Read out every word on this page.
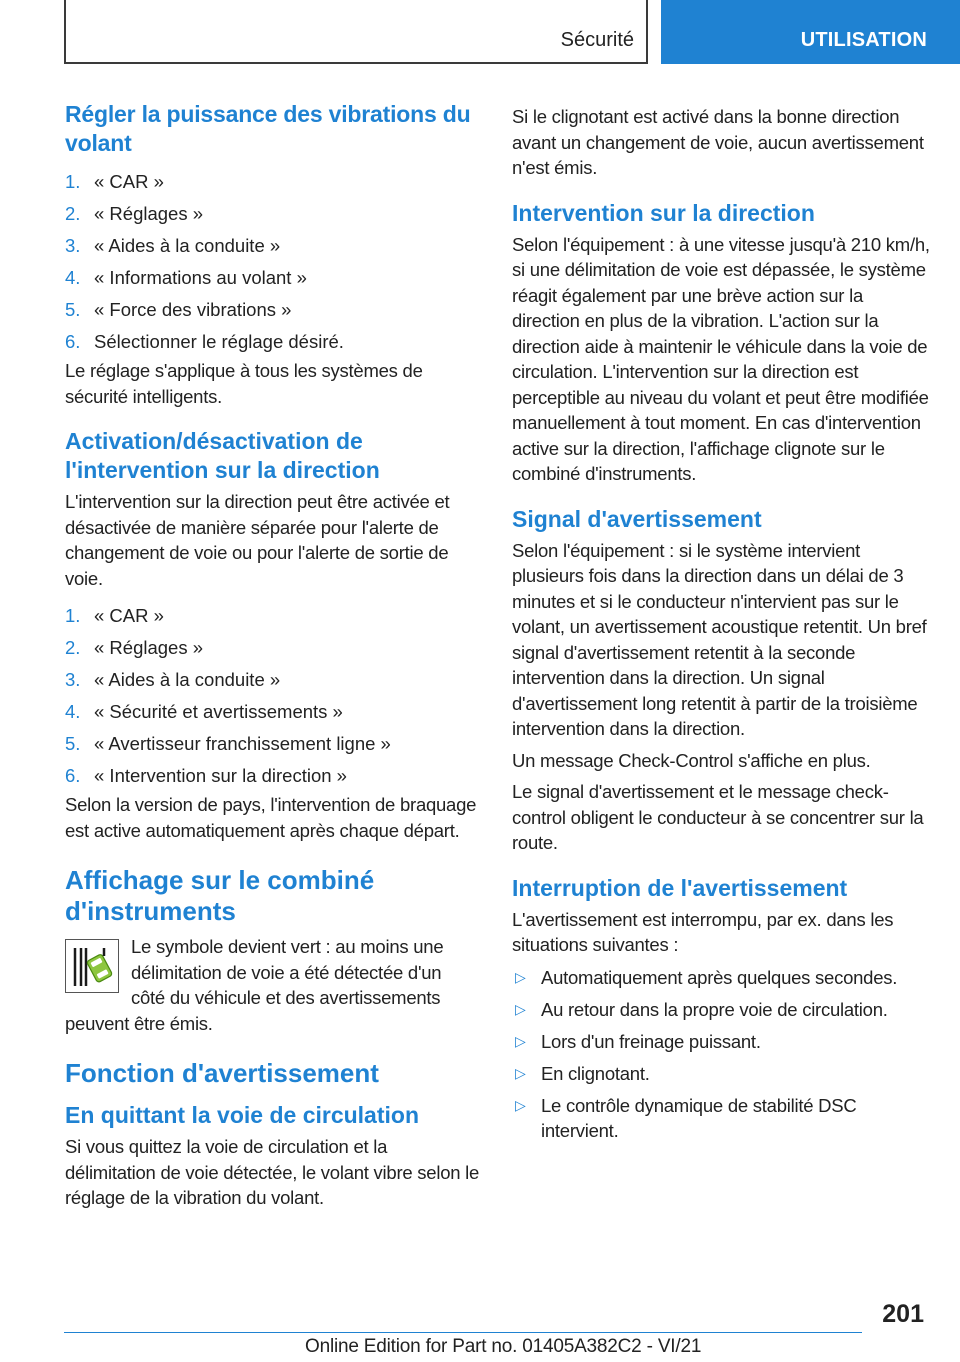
Sécurité	UTILISATION
Régler la puissance des vibrations du volant
1. « CAR »
2. « Réglages »
3. « Aides à la conduite »
4. « Informations au volant »
5. « Force des vibrations »
6. Sélectionner le réglage désiré.

Le réglage s'applique à tous les systèmes de sécurité intelligents.

Activation/désactivation de l'intervention sur la direction

L'intervention sur la direction peut être activée et désactivée de manière séparée pour l'alerte de changement de voie ou pour l'alerte de sortie de voie.

1. « CAR »
2. « Réglages »
3. « Aides à la conduite »
4. « Sécurité et avertissements »
5. « Avertisseur franchissement ligne »
6. « Intervention sur la direction »

Selon la version de pays, l'intervention de braquage est active automatiquement après chaque départ.

Affichage sur le combiné d'instruments

Le symbole devient vert : au moins une délimitation de voie a été détectée d'un côté du véhicule et des avertissements peuvent être émis.

Fonction d'avertissement
En quittant la voie de circulation

Si vous quittez la voie de circulation et la délimitation de voie détectée, le volant vibre selon le réglage de la vibration du volant.

Si le clignotant est activé dans la bonne direction avant un changement de voie, aucun avertissement n'est émis.

Intervention sur la direction

Selon l'équipement : à une vitesse jusqu'à 210 km/h, si une délimitation de voie est dépassée, le système réagit également par une brève action sur la direction en plus de la vibration. L'action sur la direction aide à maintenir le véhicule dans la voie de circulation. L'intervention sur la direction est perceptible au niveau du volant et peut être modifiée manuellement à tout moment. En cas d'intervention active sur la direction, l'affichage clignote sur le combiné d'instruments.

Signal d'avertissement

Selon l'équipement : si le système intervient plusieurs fois dans la direction dans un délai de 3 minutes et si le conducteur n'intervient pas sur le volant, un avertissement acoustique retentit. Un bref signal d'avertissement retentit à la seconde intervention dans la direction. Un signal d'avertissement long retentit à partir de la troisième intervention dans la direction.

Un message Check-Control s'affiche en plus.

Le signal d'avertissement et le message check-control obligent le conducteur à se concentrer sur la route.

Interruption de l'avertissement

L'avertissement est interrompu, par ex. dans les situations suivantes :

▷ Automatiquement après quelques secondes.
▷ Au retour dans la propre voie de circulation.
▷ Lors d'un freinage puissant.
▷ En clignotant.
▷ Le contrôle dynamique de stabilité DSC intervient.
201
Online Edition for Part no. 01405A382C2 - VI/21
